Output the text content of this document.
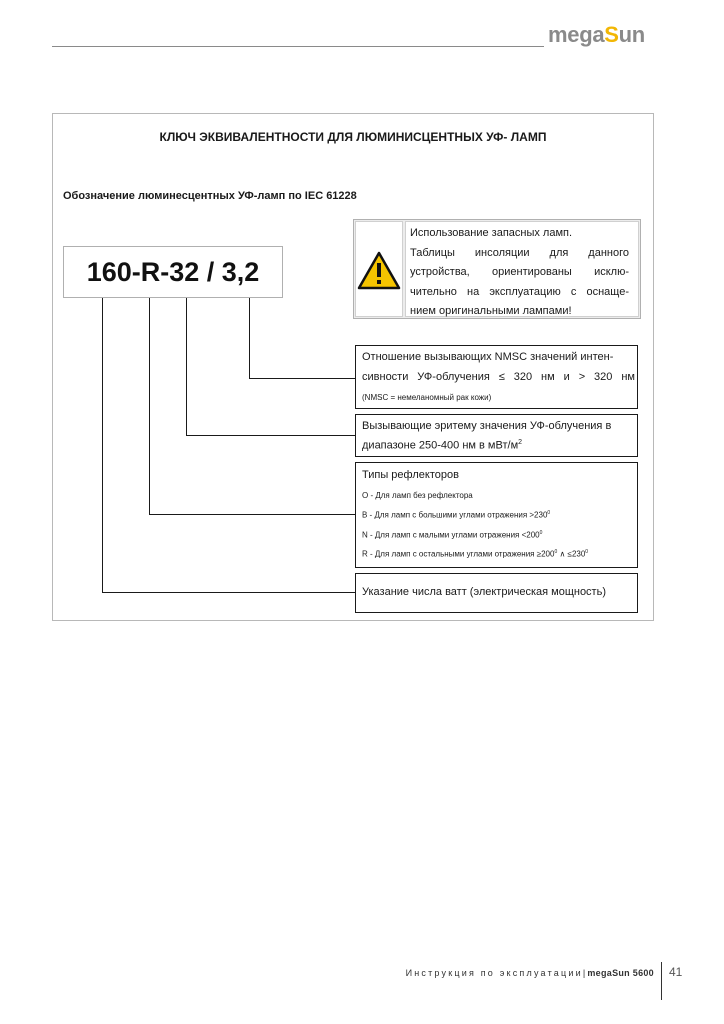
megaSun
КЛЮЧ ЭКВИВАЛЕНТНОСТИ ДЛЯ ЛЮМИНИСЦЕНТНЫХ УФ- ЛАМП
Обозначение люминесцентных УФ-ламп по IEC 61228
160-R-32 / 3,2
Использование запасных ламп.
Таблицы инсоляции для данного
устройства, ориентированы исклю-
чительно на эксплуатацию с оснаще-
нием оригинальными лампами!
Отношение вызывающих NMSC значений интен-
сивности УФ-облучения ≤ 320 нм и > 320 нм
(NMSC = немеланомный рак кожи)
Вызывающие эритему значения УФ-облучения в
диапазоне 250-400 нм в мВт/$м^2$
Типы рефлекторов
O - Для ламп без рефлектора
B - Для ламп с большими углами отражения $>230^0$
N - Для ламп с малыми углами отражения $<200^0$
R - Для ламп с остальными углами отражения $\ge 200^0$ ∧ $\le 230^0$
Указание числа ватт (электрическая мощность)
Инструкция по эксплуатации|megaSun 5600 41
